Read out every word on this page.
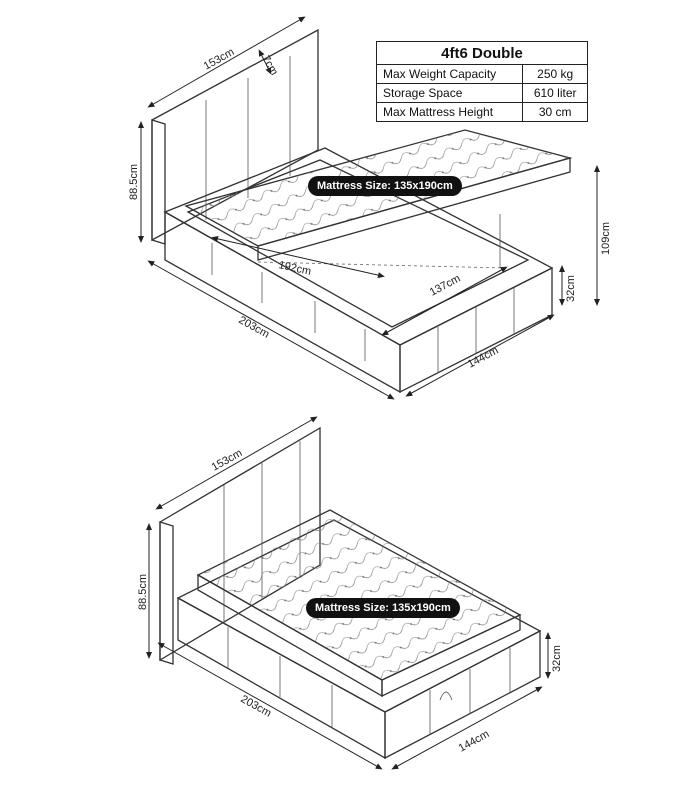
153cm 7cm
88.5cm
109cm
32cm
192cm
137cm
203cm
144cm
153cm
88.5cm
32cm
203cm
144cm
4ft6 Double	
Max Weight Capacity	250 kg
Storage Space	610 liter
Max Mattress Height	30 cm
Mattress Size: 135x190cm
Mattress Size: 135x190cm
